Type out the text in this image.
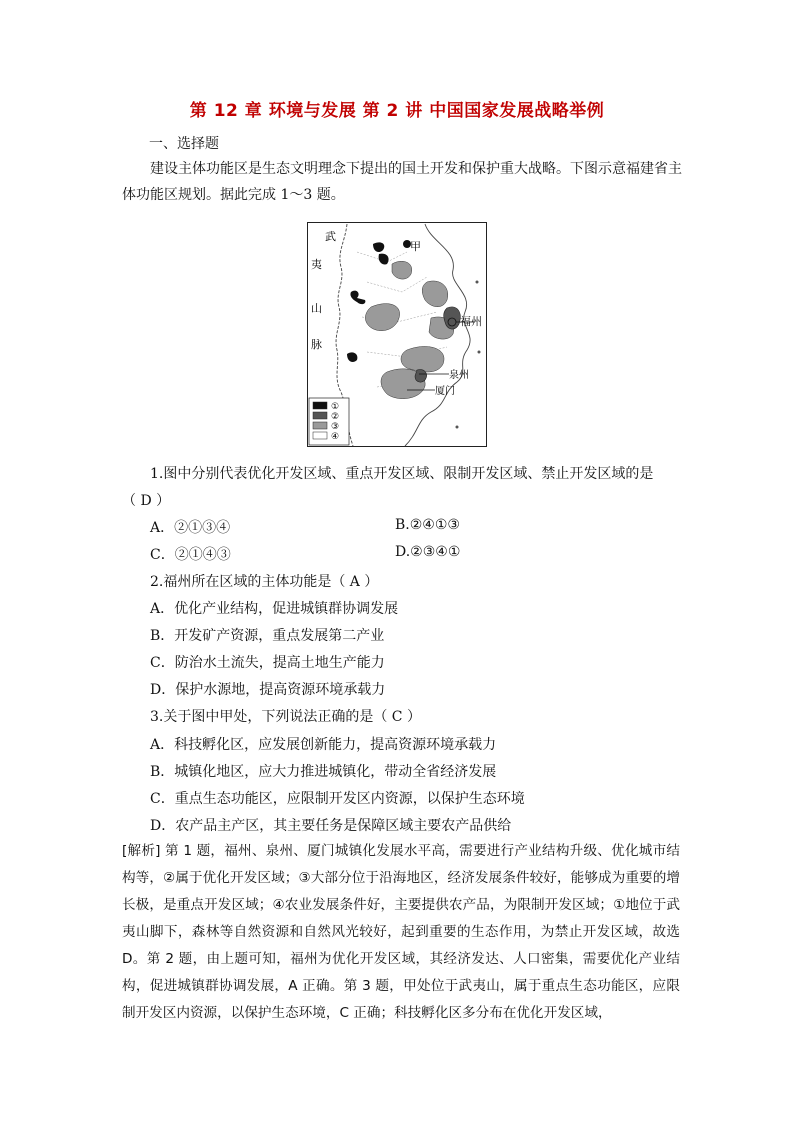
第 12 章 环境与发展 第 2 讲 中国国家发展战略举例
一、选择题
建设主体功能区是生态文明理念下提出的国土开发和保护重大战略。下图示意福建省主体功能区规划。据此完成 1～3 题。
武
夷
山
脉
甲
泉州
厦门
①
②
③
④
福州
1.图中分别代表优化开发区域、重点开发区域、限制开发区域、禁止开发区域的是
（ D ）
A．②①③④	B.②④①③
C．②①④③	D.②③④①
2.福州所在区域的主体功能是（ A ）
A．优化产业结构，促进城镇群协调发展
B．开发矿产资源，重点发展第二产业
C．防治水土流失，提高土地生产能力
D．保护水源地，提高资源环境承载力
3.关于图中甲处，下列说法正确的是（ C ）
A．科技孵化区，应发展创新能力，提高资源环境承载力
B．城镇化地区，应大力推进城镇化，带动全省经济发展
C．重点生态功能区，应限制开发区内资源，以保护生态环境
D．农产品主产区，其主要任务是保障区域主要农产品供给
[解析] 第 1 题，福州、泉州、厦门城镇化发展水平高，需要进行产业结构升级、优化城市结构等，②属于优化开发区域；③大部分位于沿海地区，经济发展条件较好，能够成为重要的增长极，是重点开发区域；④农业发展条件好，主要提供农产品，为限制开发区域；①地位于武夷山脚下，森林等自然资源和自然风光较好，起到重要的生态作用，为禁止开发区域，故选 D。第 2 题，由上题可知，福州为优化开发区域，其经济发达、人口密集，需要优化产业结构，促进城镇群协调发展，A 正确。第 3 题，甲处位于武夷山，属于重点生态功能区，应限制开发区内资源，以保护生态环境，C 正确；科技孵化区多分布在优化开发区域，
